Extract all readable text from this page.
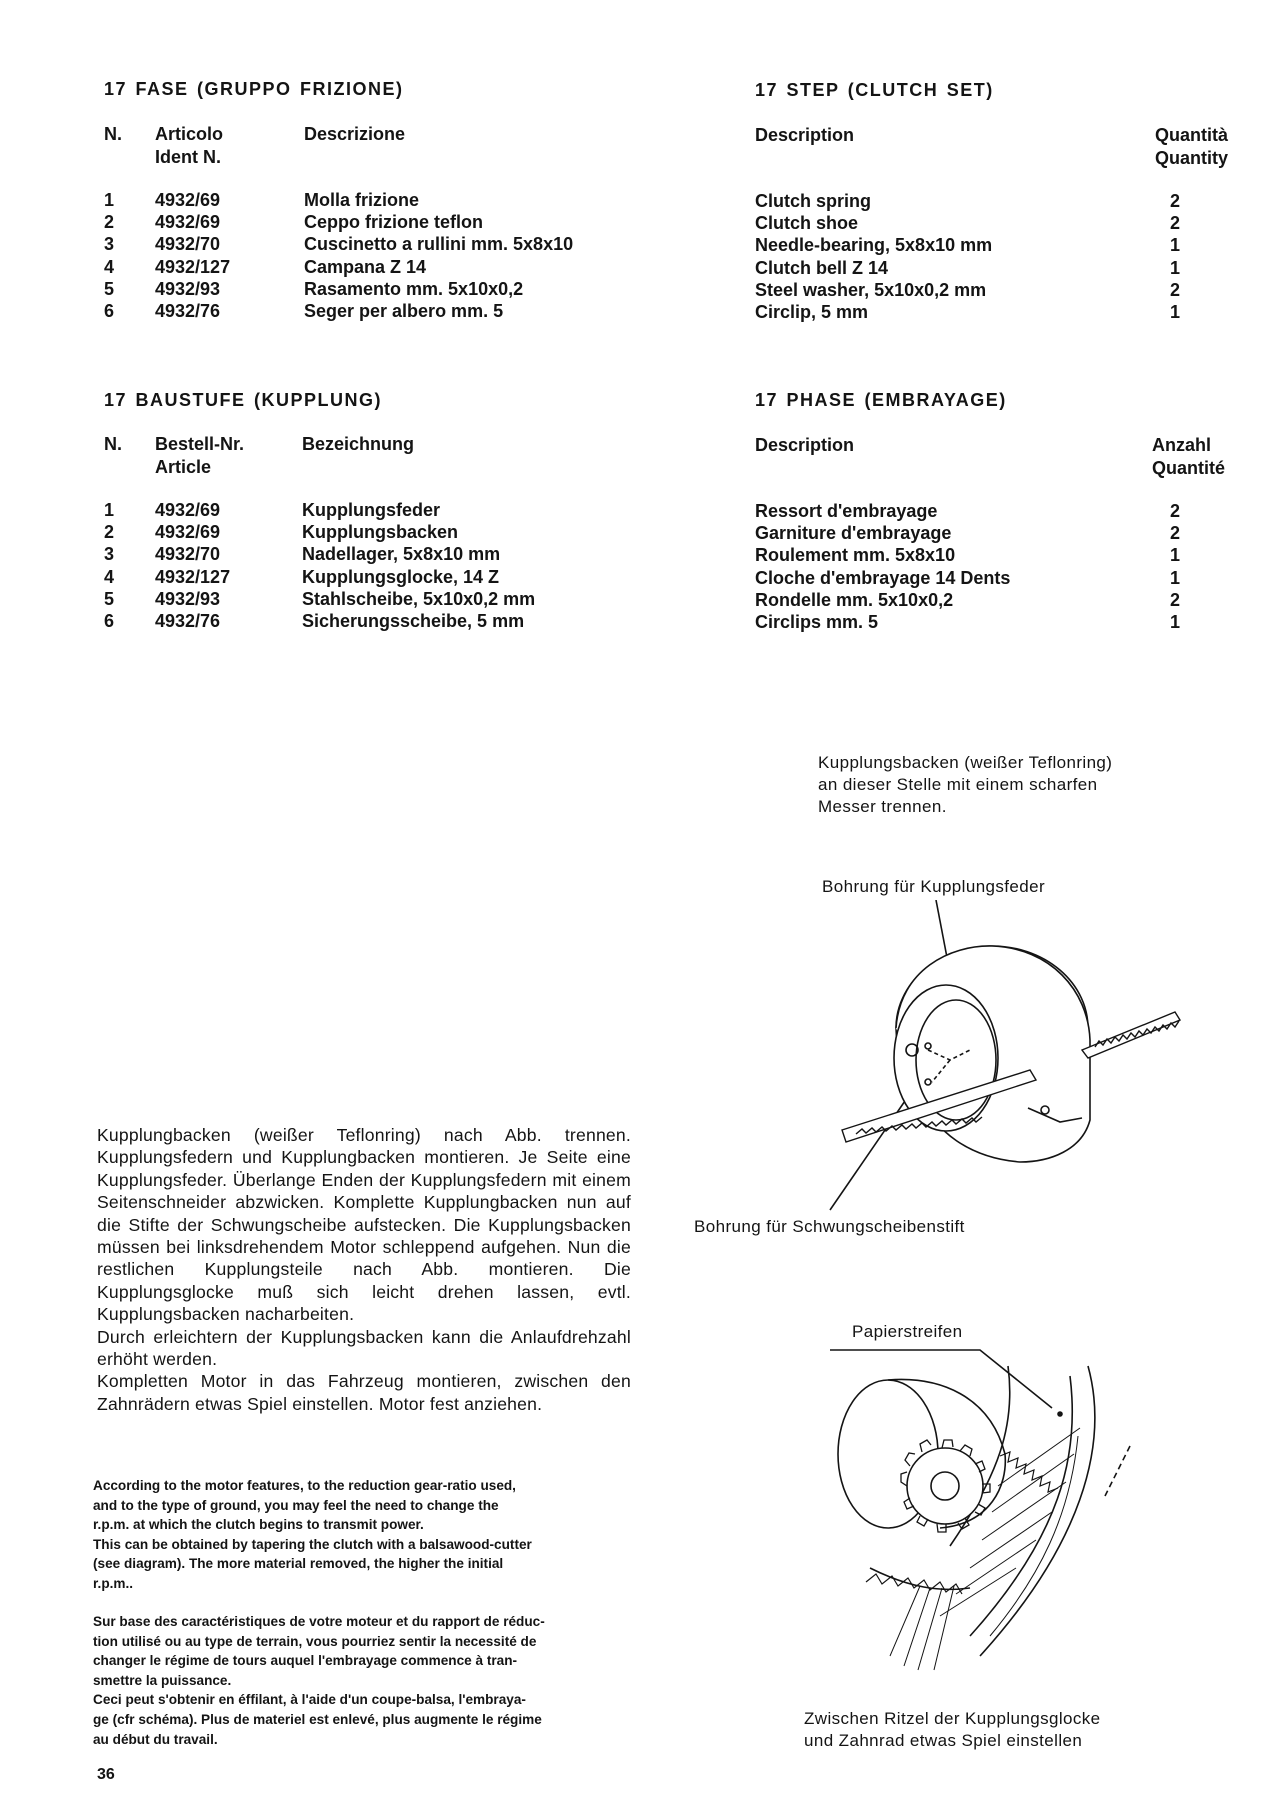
17 FASE (GRUPPO FRIZIONE)
N. Articolo
Ident N.
Descrizione
1
2
3
4
5
6
4932/69
4932/69
4932/70
4932/127
4932/93
4932/76
Molla frizione
Ceppo frizione teflon
Cuscinetto a rullini mm. 5x8x10
Campana Z 14
Rasamento mm. 5x10x0,2
Seger per albero mm. 5
17 STEP (CLUTCH SET)
Description	Quantità
Quantity
Clutch spring
Clutch shoe
Needle-bearing, 5x8x10 mm
Clutch bell Z 14
Steel washer, 5x10x0,2 mm
Circlip, 5 mm
2
2
1
1
2
1
17 BAUSTUFE (KUPPLUNG)
N. Bestell-Nr.
Article
Bezeichnung
1
2
3
4
5
6
4932/69
4932/69
4932/70
4932/127
4932/93
4932/76
Kupplungsfeder
Kupplungsbacken
Nadellager, 5x8x10 mm
Kupplungsglocke, 14 Z
Stahlscheibe, 5x10x0,2 mm
Sicherungsscheibe, 5 mm
17 PHASE (EMBRAYAGE)
Description	Anzahl
Quantité
Ressort d'embrayage
Garniture d'embrayage
Roulement mm. 5x8x10
Cloche d'embrayage 14 Dents
Rondelle mm. 5x10x0,2
Circlips mm. 5
2
2
1
1
2
1
Kupplungsbacken (weißer Teflonring)
an dieser Stelle mit einem scharfen
Messer trennen.
Bohrung für Kupplungsfeder
Bohrung für Schwungscheibenstift
Papierstreifen
Zwischen Ritzel der Kupplungsglocke
und Zahnrad etwas Spiel einstellen
Kupplungbacken (weißer Teflonring) nach Abb. trennen. Kupplungsfedern und Kupplungbacken montieren. Je Seite eine Kupplungsfeder. Überlange Enden der Kupplungsfedern mit einem Seitenschneider abzwicken. Komplette Kupplungbacken nun auf die Stifte der Schwungscheibe aufstecken. Die Kupplungsbacken müssen bei linksdrehendem Motor schleppend aufgehen. Nun die restlichen Kupplungsteile nach Abb. montieren. Die Kupplungsglocke muß sich leicht drehen lassen, evtl. Kupplungsbacken nacharbeiten.
Durch erleichtern der Kupplungsbacken kann die Anlaufdrehzahl erhöht werden.
Kompletten Motor in das Fahrzeug montieren, zwischen den Zahnrädern etwas Spiel einstellen. Motor fest anziehen.
According to the motor features, to the reduction gear-ratio used,
and to the type of ground, you may feel the need to change the
r.p.m. at which the clutch begins to transmit power.
This can be obtained by tapering the clutch with a balsawood-cutter
(see diagram). The more material removed, the higher the initial
r.p.m..
Sur base des caractéristiques de votre moteur et du rapport de réduc-
tion utilisé ou au type de terrain, vous pourriez sentir la necessité de
changer le régime de tours auquel l'embrayage commence à tran-
smettre la puissance.
Ceci peut s'obtenir en éffilant, à l'aide d'un coupe-balsa, l'embraya-
ge (cfr schéma). Plus de materiel est enlevé, plus augmente le régime
au début du travail.
36
